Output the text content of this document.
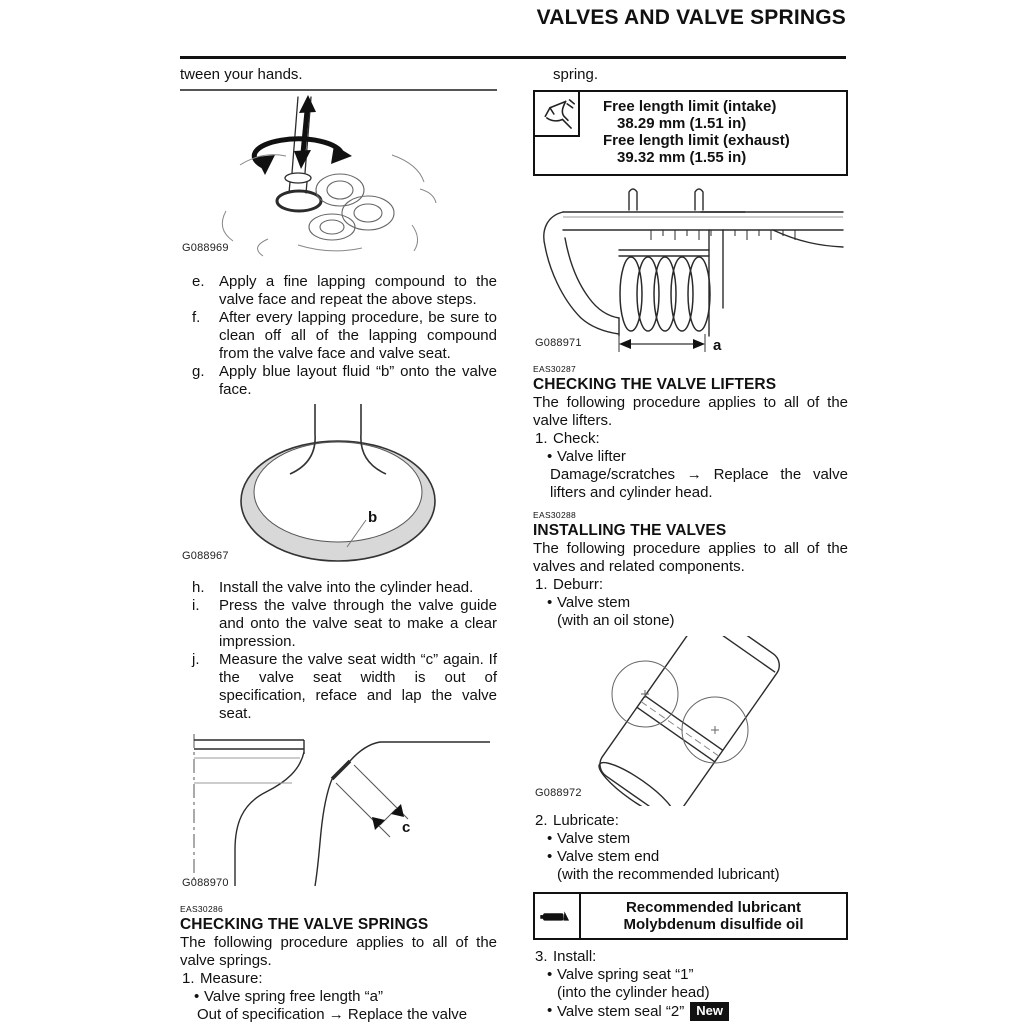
VALVES AND VALVE SPRINGS
tween your hands.
G088969
e. Apply a fine lapping compound to the valve face and repeat the above steps.
f. After every lapping procedure, be sure to clean off all of the lapping compound from the valve face and valve seat.
g. Apply blue layout fluid “b” onto the valve face.
b
G088967
h. Install the valve into the cylinder head.
i. Press the valve through the valve guide and onto the valve seat to make a clear impression.
j. Measure the valve seat width “c” again. If the valve seat width is out of specification, reface and lap the valve seat.
c
G088970
EAS30286
CHECKING THE VALVE SPRINGS
The following procedure applies to all of the valve springs.
1. Measure:
• Valve spring free length “a”
Out of specification → Replace the valve
spring.
Free length limit (intake)
38.29 mm (1.51 in)
Free length limit (exhaust)
39.32 mm (1.55 in)
a
G088971
EAS30287
CHECKING THE VALVE LIFTERS
The following procedure applies to all of the valve lifters.
1. Check:
• Valve lifter
Damage/scratches → Replace the valve lifters and cylinder head.
EAS30288
INSTALLING THE VALVES
The following procedure applies to all of the valves and related components.
1. Deburr:
• Valve stem
(with an oil stone)
G088972
2. Lubricate:
• Valve stem
• Valve stem end
(with the recommended lubricant)
Recommended lubricant
Molybdenum disulfide oil
3. Install:
• Valve spring seat “1”
(into the cylinder head)
• Valve stem seal “2” New
